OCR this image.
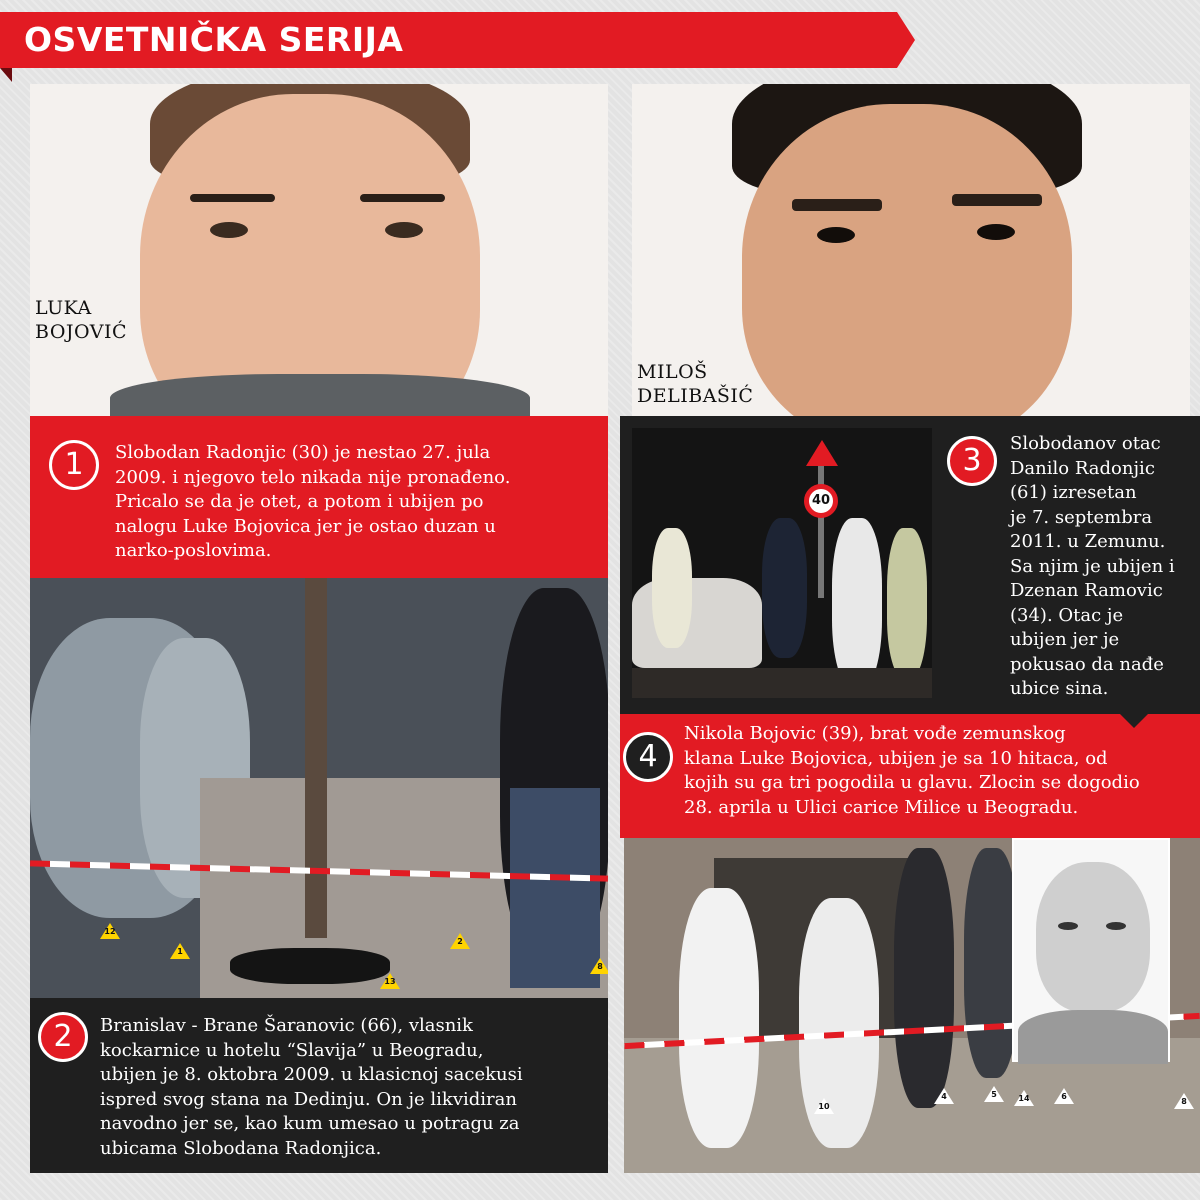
OSVETNIČKA SERIJA
LUKA
BOJOVIĆ
MILOŠ
DELIBAŠIĆ
1	Slobodan Radonjic (30) je nestao 27. jula
2009. i njegovo telo nikada nije pronađeno.
Pricalo se da je otet, a potom i ubijen po
nalogu Luke Bojovica jer je ostao duzan u
narko-poslovima.
12
1
2
13
8
2	Branislav - Brane Šaranovic (66), vlasnik
kockarnice u hotelu “Slavija” u Beogradu,
ubijen je 8. oktobra 2009. u klasicnoj sacekusi
ispred svog stana na Dedinju. On je likvidiran
navodno jer se, kao kum umesao u potragu za
ubicama Slobodana Radonjica.
40
3	Slobodanov otac
Danilo Radonjic
(61) izresetan
je 7. septembra
2011. u Zemunu.
Sa njim je ubijen i
Dzenan Ramovic
(34). Otac je
ubijen jer je
pokusao da nađe
ubice sina.
4
Nikola Bojovic (39), brat vođe zemunskog
klana Luke Bojovica, ubijen je sa 10 hitaca, od
kojih su ga tri pogodila u glavu. Zlocin se dogodio
28. aprila u Ulici carice Milice u Beogradu.
10
4	5	14	6
8
